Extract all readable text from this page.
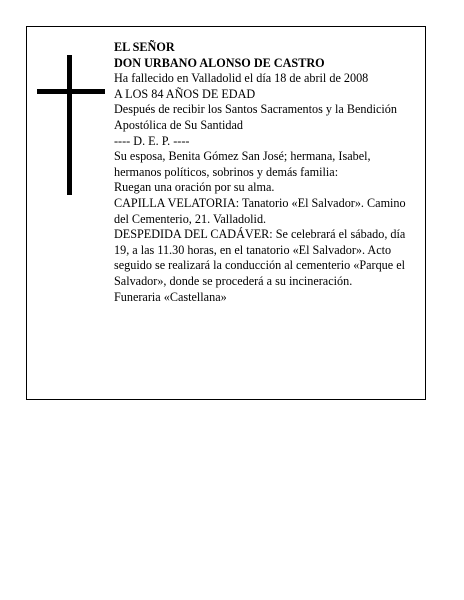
EL SEÑOR

DON URBANO ALONSO DE CASTRO

Ha fallecido en Valladolid el día 18 de abril de 2008

A LOS 84 AÑOS DE EDAD

Después de recibir los Santos Sacramentos y la Bendición Apostólica de Su Santidad

---- D. E. P. ----

Su esposa, Benita Gómez San José; hermana, Isabel, hermanos políticos, sobrinos y demás familia:

Ruegan una oración por su alma.

CAPILLA VELATORIA: Tanatorio «El Salvador». Camino del Cementerio, 21. Valladolid.

DESPEDIDA DEL CADÁVER: Se celebrará el sábado, día 19, a las 11.30 horas, en el tanatorio «El Salvador». Acto seguido se realizará la conducción al cementerio «Parque el Salvador», donde se procederá a su incineración.

Funeraria «Castellana»
